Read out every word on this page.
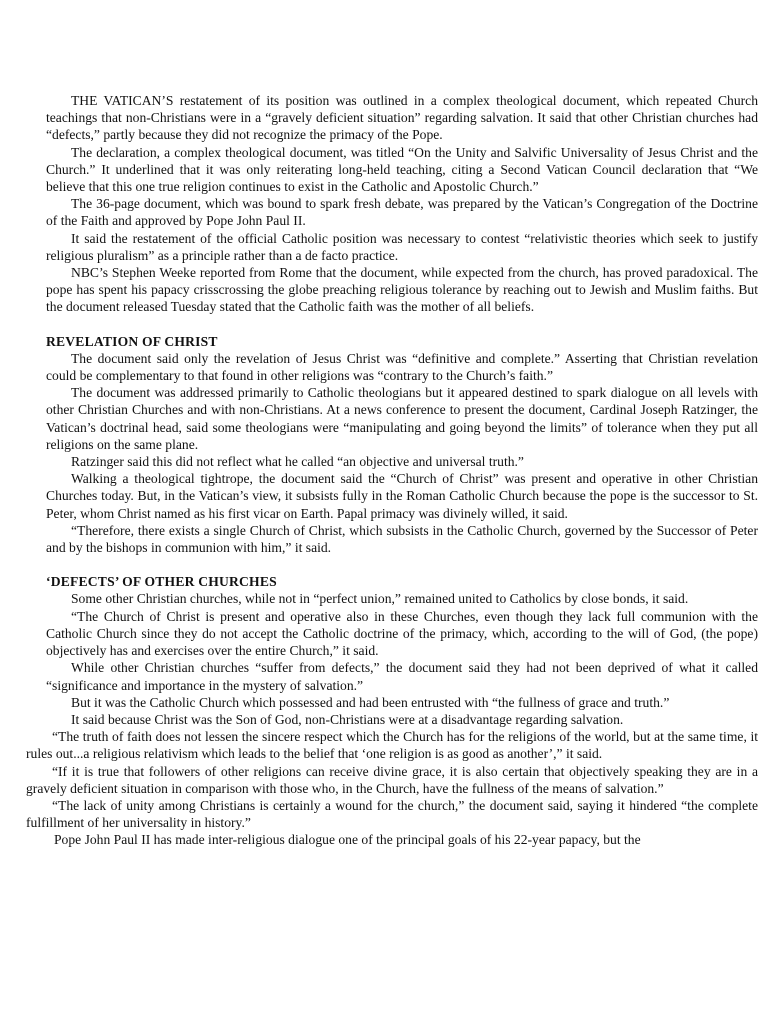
THE VATICAN’S restatement of its position was outlined in a complex theological document, which repeated Church teachings that non-Christians were in a “gravely deficient situation” regarding salvation. It said that other Christian churches had “defects,” partly because they did not recognize the primacy of the Pope.

The declaration, a complex theological document, was titled “On the Unity and Salvific Universality of Jesus Christ and the Church.” It underlined that it was only reiterating long-held teaching, citing a Second Vatican Council declaration that “We believe that this one true religion continues to exist in the Catholic and Apostolic Church.”

The 36-page document, which was bound to spark fresh debate, was prepared by the Vatican’s Congregation of the Doctrine of the Faith and approved by Pope John Paul II.

It said the restatement of the official Catholic position was necessary to contest “relativistic theories which seek to justify religious pluralism” as a principle rather than a de facto practice.

NBC’s Stephen Weeke reported from Rome that the document, while expected from the church, has proved paradoxical. The pope has spent his papacy crisscrossing the globe preaching religious tolerance by reaching out to Jewish and Muslim faiths. But the document released Tuesday stated that the Catholic faith was the mother of all beliefs.

REVELATION OF CHRIST

The document said only the revelation of Jesus Christ was “definitive and complete.” Asserting that Christian revelation could be complementary to that found in other religions was “contrary to the Church’s faith.”

The document was addressed primarily to Catholic theologians but it appeared destined to spark dialogue on all levels with other Christian Churches and with non-Christians. At a news conference to present the document, Cardinal Joseph Ratzinger, the Vatican’s doctrinal head, said some theologians were “manipulating and going beyond the limits” of tolerance when they put all religions on the same plane.

Ratzinger said this did not reflect what he called “an objective and universal truth.”

Walking a theological tightrope, the document said the “Church of Christ” was present and operative in other Christian Churches today. But, in the Vatican’s view, it subsists fully in the Roman Catholic Church because the pope is the successor to St. Peter, whom Christ named as his first vicar on Earth. Papal primacy was divinely willed, it said.

“Therefore, there exists a single Church of Christ, which subsists in the Catholic Church, governed by the Successor of Peter and by the bishops in communion with him,” it said.

‘DEFECTS’ OF OTHER CHURCHES

Some other Christian churches, while not in “perfect union,” remained united to Catholics by close bonds, it said.

“The Church of Christ is present and operative also in these Churches, even though they lack full communion with the Catholic Church since they do not accept the Catholic doctrine of the primacy, which, according to the will of God, (the pope) objectively has and exercises over the entire Church,” it said.

While other Christian churches “suffer from defects,” the document said they had not been deprived of what it called “significance and importance in the mystery of salvation.”

But it was the Catholic Church which possessed and had been entrusted with “the fullness of grace and truth.”

It said because Christ was the Son of God, non-Christians were at a disadvantage regarding salvation.

“The truth of faith does not lessen the sincere respect which the Church has for the religions of the world, but at the same time, it rules out...a religious relativism which leads to the belief that ‘one religion is as good as another’,” it said.

“If it is true that followers of other religions can receive divine grace, it is also certain that objectively speaking they are in a gravely deficient situation in comparison with those who, in the Church, have the fullness of the means of salvation.”

“The lack of unity among Christians is certainly a wound for the church,” the document said, saying it hindered “the complete fulfillment of her universality in history.”

Pope John Paul II has made inter-religious dialogue one of the principal goals of his 22-year papacy, but the
